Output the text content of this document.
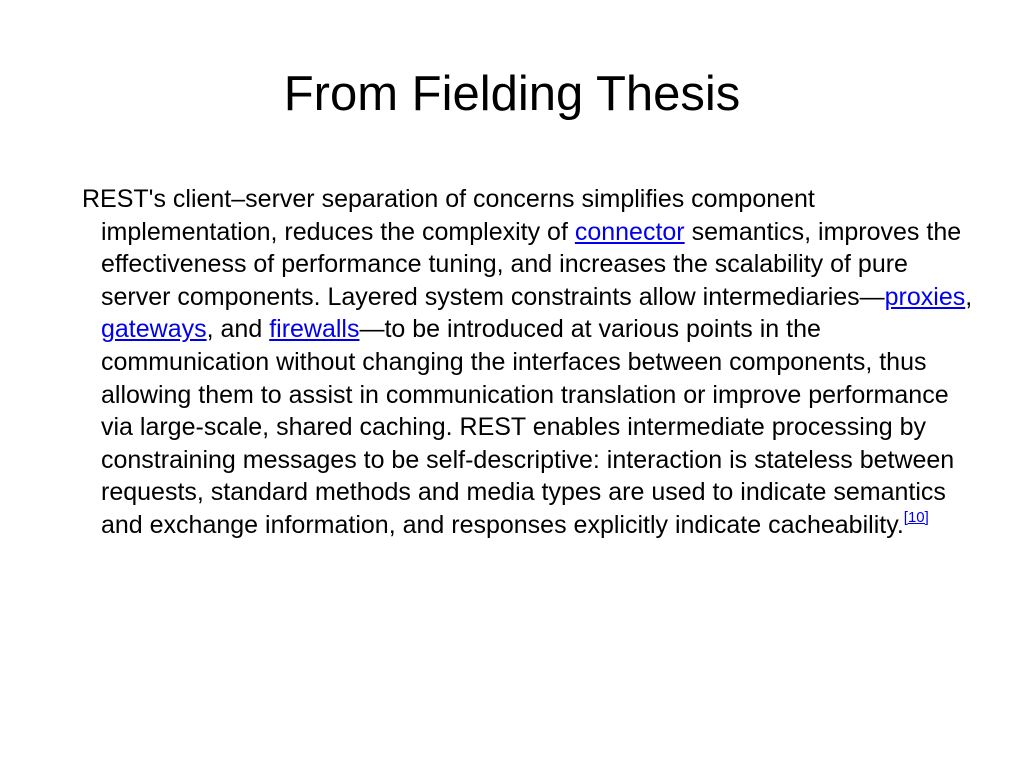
From Fielding Thesis

REST's client–server separation of concerns simplifies component implementation, reduces the complexity of connector semantics, improves the effectiveness of performance tuning, and increases the scalability of pure server components. Layered system constraints allow intermediaries—proxies, gateways, and firewalls—to be introduced at various points in the communication without changing the interfaces between components, thus allowing them to assist in communication translation or improve performance via large-scale, shared caching. REST enables intermediate processing by constraining messages to be self-descriptive: interaction is stateless between requests, standard methods and media types are used to indicate semantics and exchange information, and responses explicitly indicate cacheability.[10]
